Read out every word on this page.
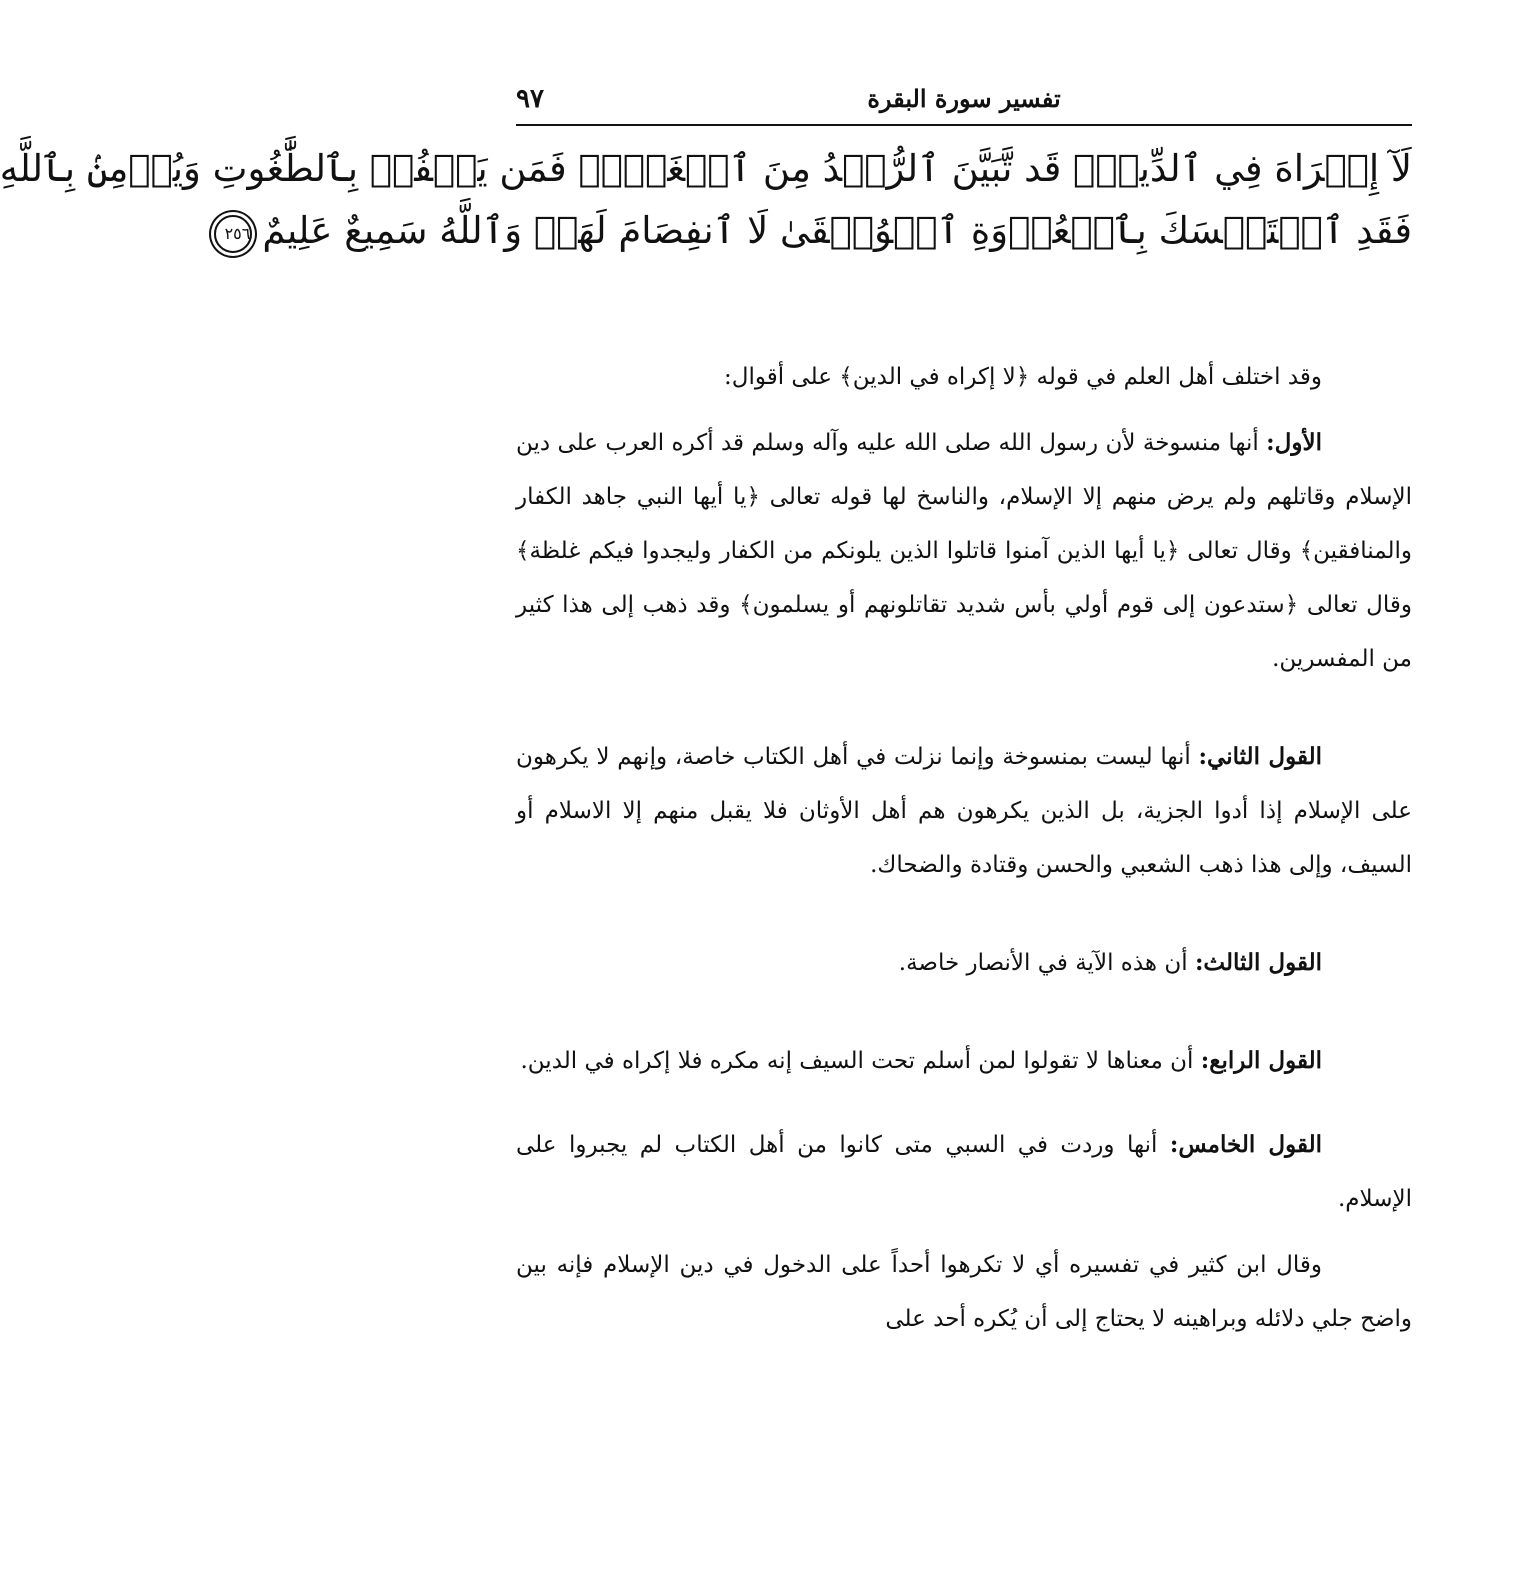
تفسير سورة البقرة
٩٧
لَآ إِكۡرَاهَ فِي ٱلدِّينِۖ قَد تَّبَيَّنَ ٱلرُّشۡدُ مِنَ ٱلۡغَيِّۚ فَمَن يَكۡفُرۡ بِٱلطَّٰغُوتِ وَيُؤۡمِنۢ بِٱللَّهِ
فَقَدِ ٱسۡتَمۡسَكَ بِٱلۡعُرۡوَةِ ٱلۡوُثۡقَىٰ لَا ٱنفِصَامَ لَهَاۗ وَٱللَّهُ سَمِيعٌ عَلِيمٌ٢٥٦

وقد اختلف أهل العلم في قوله ﴿لا إكراه في الدين﴾ على أقوال:

الأول: أنها منسوخة لأن رسول الله صلى الله عليه وآله وسلم قد أكره العرب على دين الإسلام وقاتلهم ولم يرض منهم إلا الإسلام، والناسخ لها قوله تعالى ﴿يا أيها النبي جاهد الكفار والمنافقين﴾ وقال تعالى ﴿يا أيها الذين آمنوا قاتلوا الذين يلونكم من الكفار وليجدوا فيكم غلظة﴾ وقال تعالى ﴿ستدعون إلى قوم أولي بأس شديد تقاتلونهم أو يسلمون﴾ وقد ذهب إلى هذا كثير من المفسرين.

القول الثاني: أنها ليست بمنسوخة وإنما نزلت في أهل الكتاب خاصة، وإنهم لا يكرهون على الإسلام إذا أدوا الجزية، بل الذين يكرهون هم أهل الأوثان فلا يقبل منهم إلا الاسلام أو السيف، وإلى هذا ذهب الشعبي والحسن وقتادة والضحاك.

القول الثالث: أن هذه الآية في الأنصار خاصة.

القول الرابع: أن معناها لا تقولوا لمن أسلم تحت السيف إنه مكره فلا إكراه في الدين.

القول الخامس: أنها وردت في السبي متى كانوا من أهل الكتاب لم يجبروا على الإسلام.

وقال ابن كثير في تفسيره أي لا تكرهوا أحداً على الدخول في دين الإسلام فإنه بين واضح جلي دلائله وبراهينه لا يحتاج إلى أن يُكره أحد على
